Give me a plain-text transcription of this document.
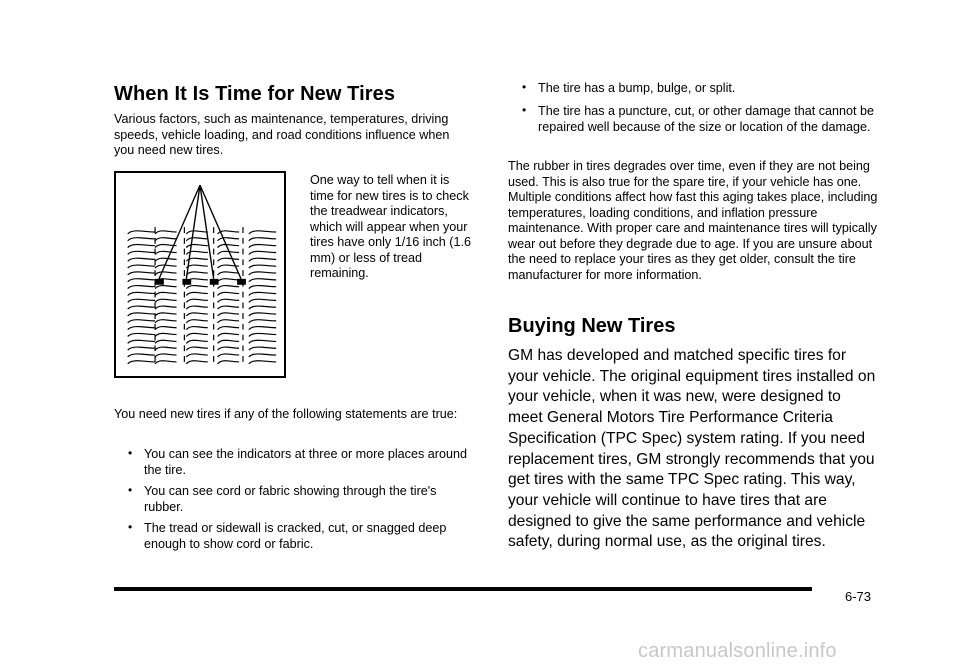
When It Is Time for New Tires

Various factors, such as maintenance, temperatures, driving speeds, vehicle loading, and road conditions influence when you need new tires.

One way to tell when it is time for new tires is to check the treadwear indicators, which will appear when your tires have only 1/16 inch (1.6 mm) or less of tread remaining.

You need new tires if any of the following statements are true:

• You can see the indicators at three or more places around the tire.
• You can see cord or fabric showing through the tire's rubber.
• The tread or sidewall is cracked, cut, or snagged deep enough to show cord or fabric.
• The tire has a bump, bulge, or split.
• The tire has a puncture, cut, or other damage that cannot be repaired well because of the size or location of the damage.

The rubber in tires degrades over time, even if they are not being used. This is also true for the spare tire, if your vehicle has one. Multiple conditions affect how fast this aging takes place, including temperatures, loading conditions, and inflation pressure maintenance. With proper care and maintenance tires will typically wear out before they degrade due to age. If you are unsure about the need to replace your tires as they get older, consult the tire manufacturer for more information.

Buying New Tires

GM has developed and matched specific tires for your vehicle. The original equipment tires installed on your vehicle, when it was new, were designed to meet General Motors Tire Performance Criteria Specification (TPC Spec) system rating. If you need replacement tires, GM strongly recommends that you get tires with the same TPC Spec rating. This way, your vehicle will continue to have tires that are designed to give the same performance and vehicle safety, during normal use, as the original tires.

6-73
carmanualsonline.info
